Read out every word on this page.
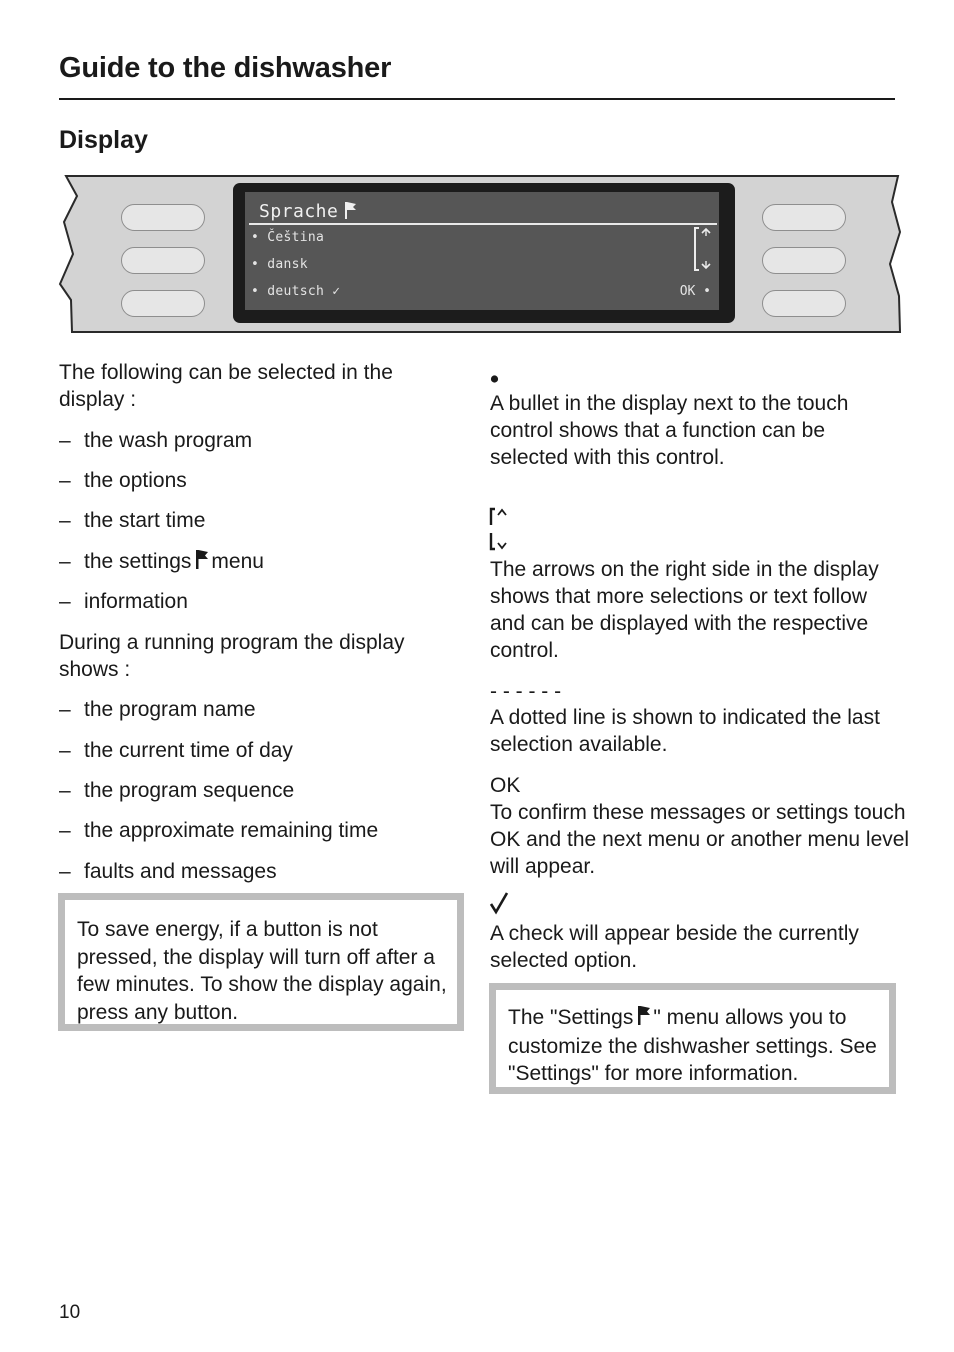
Guide to the dishwasher
Display
Sprache
• Čeština
• dansk
• deutsch ✓	OK •
The following can be selected in the display :
– the wash program
– the options
– the start time
– the settings menu
– information
During a running program the display shows :
– the program name
– the current time of day
– the program sequence
– the approximate remaining time
– faults and messages
To save energy, if a button is not pressed, the display will turn off after a few minutes. To show the display again, press any button.
A bullet in the display next to the touch control shows that a function can be selected with this control.
The arrows on the right side in the display shows that more selections or text follow and can be displayed with the respective control.
- - - - - -
A dotted line is shown to indicated the last selection available.
OK
To confirm these messages or settings touch OK and the next menu or another menu level will appear.
A check will appear beside the currently selected option.
The "Settings " menu allows you to customize the dishwasher settings. See "Settings" for more information.
10
